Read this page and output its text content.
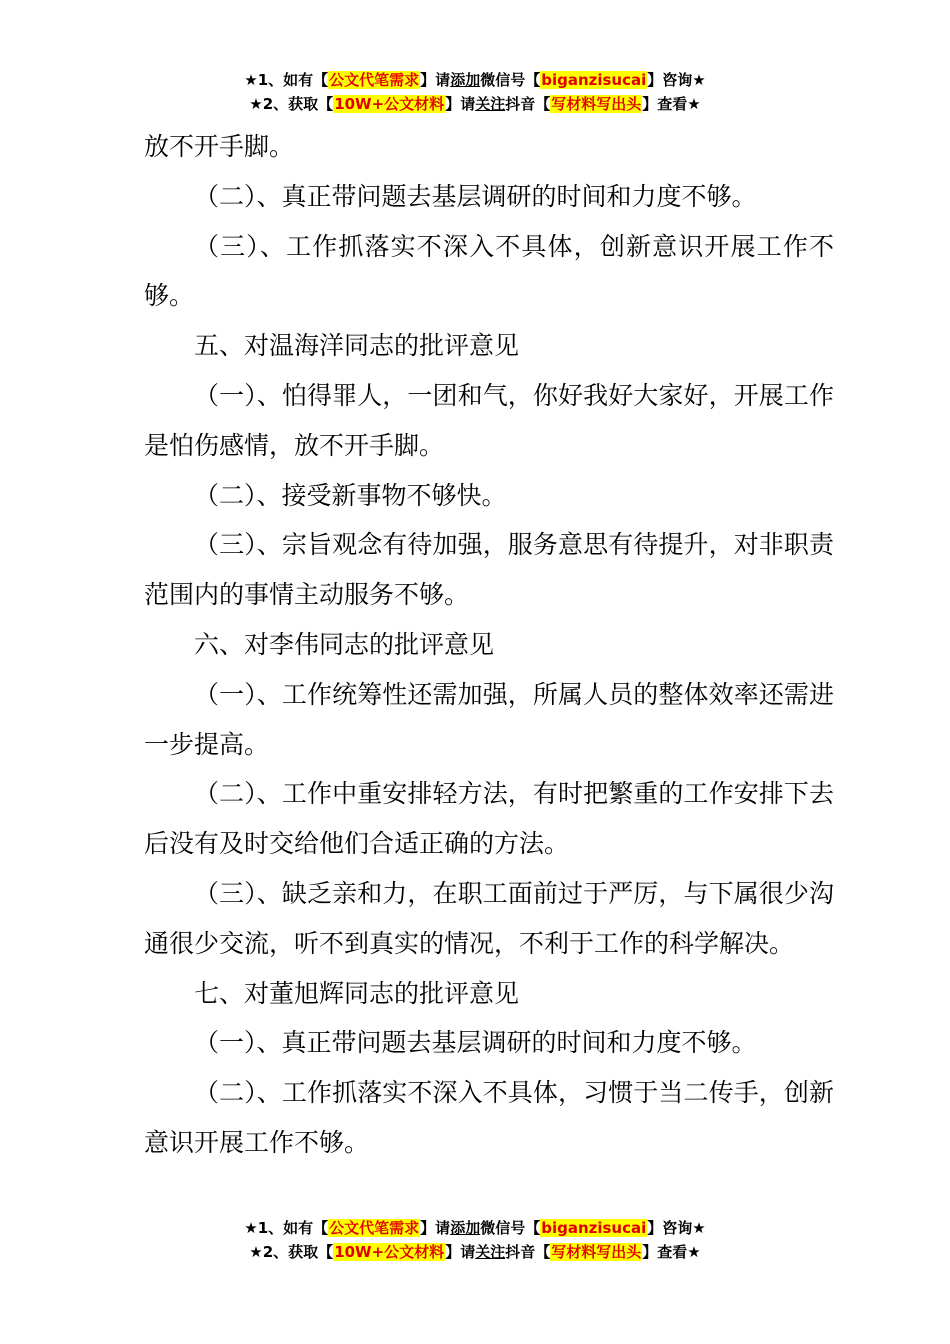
★1、如有【公文代笔需求】请添加微信号【biganzisucai】咨询★
★2、获取【10W+公文材料】请关注抖音【写材料写出头】查看★

放不开手脚。

（二）、真正带问题去基层调研的时间和力度不够。

（三）、工作抓落实不深入不具体，创新意识开展工作不够。

五、对温海洋同志的批评意见

（一）、怕得罪人，一团和气，你好我好大家好，开展工作是怕伤感情，放不开手脚。

（二）、接受新事物不够快。

（三）、宗旨观念有待加强，服务意思有待提升，对非职责范围内的事情主动服务不够。

六、对李伟同志的批评意见

（一）、工作统筹性还需加强，所属人员的整体效率还需进一步提高。

（二）、工作中重安排轻方法，有时把繁重的工作安排下去后没有及时交给他们合适正确的方法。

（三）、缺乏亲和力，在职工面前过于严厉，与下属很少沟通很少交流，听不到真实的情况，不利于工作的科学解决。

七、对董旭辉同志的批评意见

（一）、真正带问题去基层调研的时间和力度不够。

（二）、工作抓落实不深入不具体，习惯于当二传手，创新意识开展工作不够。

★1、如有【公文代笔需求】请添加微信号【biganzisucai】咨询★
★2、获取【10W+公文材料】请关注抖音【写材料写出头】查看★
